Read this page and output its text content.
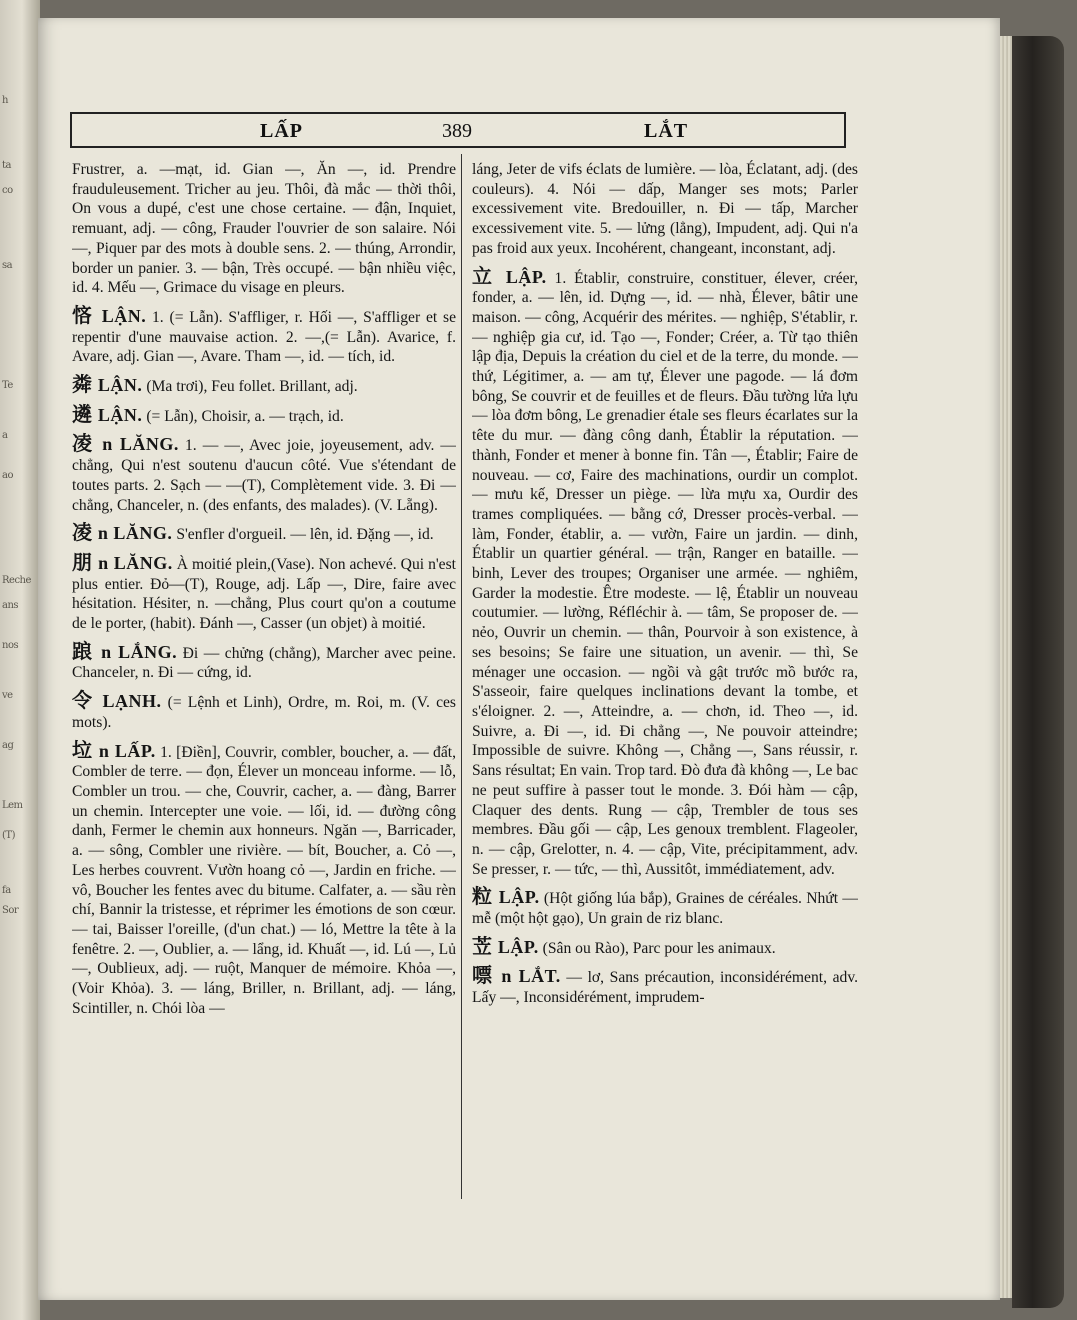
h
ta
co
sa
Te
a
ao
Reche
ans
nos
ve
ag
Lem
(T)
fa
Sor
LẤP	389	LẮT

Frustrer, a. —mạt, id. Gian —, Ăn —, id. Prendre frauduleusement. Tricher au jeu. Thôi, đà mắc — thời thôi, On vous a dupé, c'est une chose certaine. — đận, Inquiet, remuant, adj. — công, Frauder l'ouvrier de son salaire. Nói —, Piquer par des mots à double sens. 2. — thúng, Arrondir, border un panier. 3. — bận, Très occupé. — bận nhiều việc, id. 4. Mếu —, Grimace du visage en pleurs.

悋 LẬN. 1. (= Lẫn). S'affliger, r. Hối —, S'affliger et se repentir d'une mauvaise action. 2. —,(= Lẫn). Avarice, f. Avare, adj. Gian —, Avare. Tham —, id. — tích, id.

粦 LẬN. (Ma trơi), Feu follet. Brillant, adj.

遴 LẬN. (= Lẫn), Choisir, a. — trạch, id.

凌 n LĂNG. 1. — —, Avec joie, joyeusement, adv. — chẳng, Qui n'est soutenu d'aucun côté. Vue s'étendant de toutes parts. 2. Sạch — —(T), Complètement vide. 3. Đi — chẳng, Chanceler, n. (des enfants, des malades). (V. Lẵng).

凌 n LĂNG. S'enfler d'orgueil. — lên, id. Đặng —, id.

朋 n LĂNG. À moitié plein,(Vase). Non achevé. Qui n'est plus entier. Đỏ—(T), Rouge, adj. Lấp —, Dire, faire avec hésitation. Hésiter, n. —chẳng, Plus court qu'on a coutume de le porter, (habit). Đánh —, Casser (un objet) à moitié.

踉 n LẮNG. Đi — chửng (chẳng), Marcher avec peine. Chanceler, n. Đi — cứng, id.

令 LẠNH. (= Lệnh et Linh), Ordre, m. Roi, m. (V. ces mots).

垃 n LẤP. 1. [Điền], Couvrir, combler, boucher, a. — đất, Combler de terre. — đọn, Élever un monceau informe. — lỗ, Combler un trou. — che, Couvrir, cacher, a. — đàng, Barrer un chemin. Intercepter une voie. — lối, id. — đường công danh, Fermer le chemin aux honneurs. Ngăn —, Barricader, a. — sông, Combler une rivière. — bít, Boucher, a. Cỏ —, Les herbes couvrent. Vườn hoang cỏ —, Jardin en friche. — vô, Boucher les fentes avec du bitume. Calfater, a. — sầu rèn chí, Bannir la tristesse, et réprimer les émotions de son cœur. — tai, Baisser l'oreille, (d'un chat.) — ló, Mettre la tête à la fenêtre. 2. —, Oublier, a. — lẩng, id. Khuất —, id. Lú —, Lủ —, Oublieux, adj. — ruột, Manquer de mémoire. Khỏa —, (Voir Khỏa). 3. — láng, Briller, n. Brillant, adj. — láng, Scintiller, n. Chói lòa —

láng, Jeter de vifs éclats de lumière. — lòa, Éclatant, adj. (des couleurs). 4. Nói — dấp, Manger ses mots; Parler excessivement vite. Bredouiller, n. Đi — tấp, Marcher excessivement vite. 5. — lửng (lẳng), Impudent, adj. Qui n'a pas froid aux yeux. Incohérent, changeant, inconstant, adj.

立 LẬP. 1. Établir, construire, constituer, élever, créer, fonder, a. — lên, id. Dựng —, id. — nhà, Élever, bâtir une maison. — công, Acquérir des mérites. — nghiệp, S'établir, r. — nghiệp gia cư, id. Tạo —, Fonder; Créer, a. Từ tạo thiên lập địa, Depuis la création du ciel et de la terre, du monde. — thứ, Légitimer, a. — am tự, Élever une pagode. — lá đơm bông, Se couvrir et de feuilles et de fleurs. Đầu tường lửa lựu — lòa đơm bông, Le grenadier étale ses fleurs écarlates sur la tête du mur. — đàng công danh, Établir la réputation. — thành, Fonder et mener à bonne fin. Tân —, Établir; Faire de nouveau. — cơ, Faire des machinations, ourdir un complot. — mưu kế, Dresser un piège. — lừa mựu xa, Ourdir des trames compliquées. — bằng cớ, Dresser procès-verbal. — làm, Fonder, établir, a. — vườn, Faire un jardin. — dinh, Établir un quartier général. — trận, Ranger en bataille. — binh, Lever des troupes; Organiser une armée. — nghiêm, Garder la modestie. Être modeste. — lệ, Établir un nouveau coutumier. — lường, Réfléchir à. — tâm, Se proposer de. — nẻo, Ouvrir un chemin. — thân, Pourvoir à son existence, à ses besoins; Se faire une situation, un avenir. — thì, Se ménager une occasion. — ngồi và gật trước mồ bước ra, S'asseoir, faire quelques inclinations devant la tombe, et s'éloigner. 2. —, Atteindre, a. — chơn, id. Theo —, id. Suivre, a. Đi —, id. Đi chẳng —, Ne pouvoir atteindre; Impossible de suivre. Không —, Chẳng —, Sans réussir, r. Sans résultat; En vain. Trop tard. Đò đưa đà không —, Le bac ne peut suffire à passer tout le monde. 3. Đói hàm — cập, Claquer des dents. Rung — cập, Trembler de tous ses membres. Đầu gối — cập, Les genoux tremblent. Flageoler, n. — cập, Grelotter, n. 4. — cập, Vite, précipitamment, adv. Se presser, r. — tức, — thì, Aussitôt, immédiatement, adv.

粒 LẬP. (Hột giống lúa bắp), Graines de céréales. Nhứt — mễ (một hột gạo), Un grain de riz blanc.

苙 LẬP. (Sân ou Rào), Parc pour les animaux.

嘌 n LẮT. — lơ, Sans précaution, inconsidérément, adv. Lấy —, Inconsidérément, imprudem-
